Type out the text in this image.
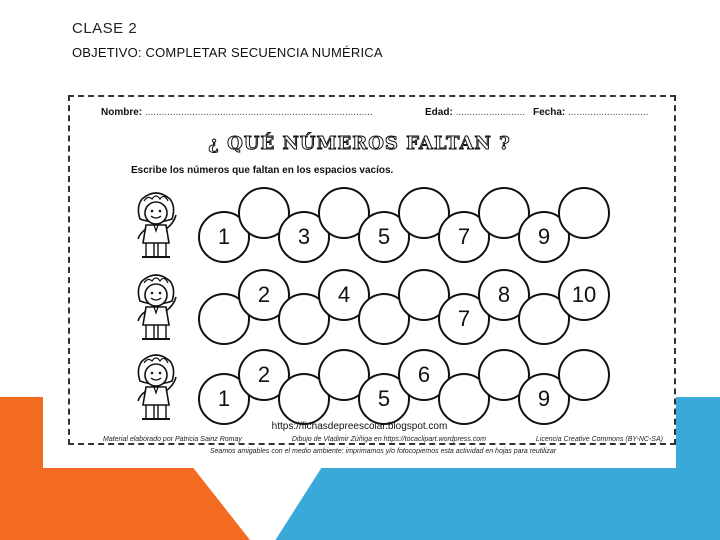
CLASE 2
OBJETIVO: COMPLETAR SECUENCIA NUMÉRICA
Nombre: ..................................................................................	Edad: ......................... Fecha: .............................
¿ QUÉ NÚMEROS FALTAN ?
Escribe los números que faltan en los espacios vacíos.
1	3	5	7	9
2	4
7
8	10
1
2
5
6
9
https://fichasdepreescolar.blogspot.com
Material elaborado por Patricia Sainz Romay	Dibujo de Vladimir Zúñiga en https://tocaclipart.wordpress.com	Licencia Creative Commons (BY-NC-SA)
Seamos amigables con el medio ambiente: imprimamos y/o fotocopiemos esta actividad en hojas para reutilizar
